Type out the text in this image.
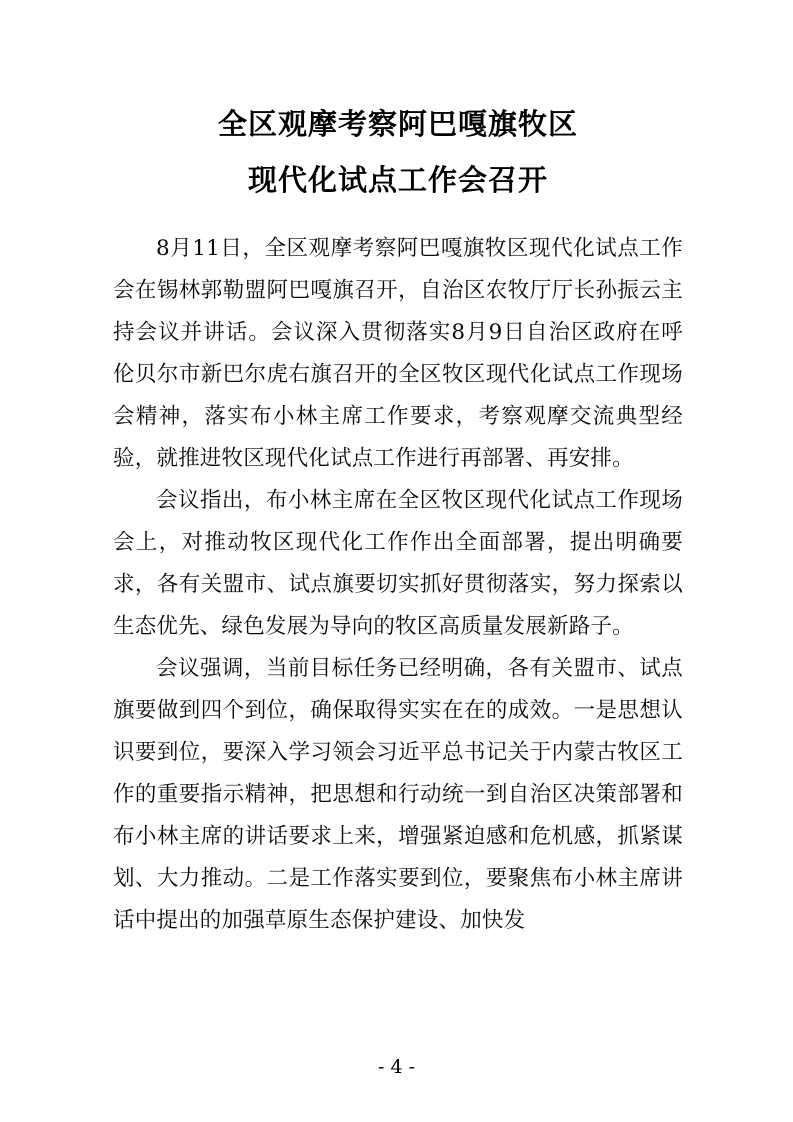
全区观摩考察阿巴嘎旗牧区
现代化试点工作会召开

8月11日，全区观摩考察阿巴嘎旗牧区现代化试点工作会在锡林郭勒盟阿巴嘎旗召开，自治区农牧厅厅长孙振云主持会议并讲话。会议深入贯彻落实8月9日自治区政府在呼伦贝尔市新巴尔虎右旗召开的全区牧区现代化试点工作现场会精神，落实布小林主席工作要求，考察观摩交流典型经验，就推进牧区现代化试点工作进行再部署、再安排。

会议指出，布小林主席在全区牧区现代化试点工作现场会上，对推动牧区现代化工作作出全面部署，提出明确要求，各有关盟市、试点旗要切实抓好贯彻落实，努力探索以生态优先、绿色发展为导向的牧区高质量发展新路子。

会议强调，当前目标任务已经明确，各有关盟市、试点旗要做到四个到位，确保取得实实在在的成效。一是思想认识要到位，要深入学习领会习近平总书记关于内蒙古牧区工作的重要指示精神，把思想和行动统一到自治区决策部署和布小林主席的讲话要求上来，增强紧迫感和危机感，抓紧谋划、大力推动。二是工作落实要到位，要聚焦布小林主席讲话中提出的加强草原生态保护建设、加快发

- 4 -
